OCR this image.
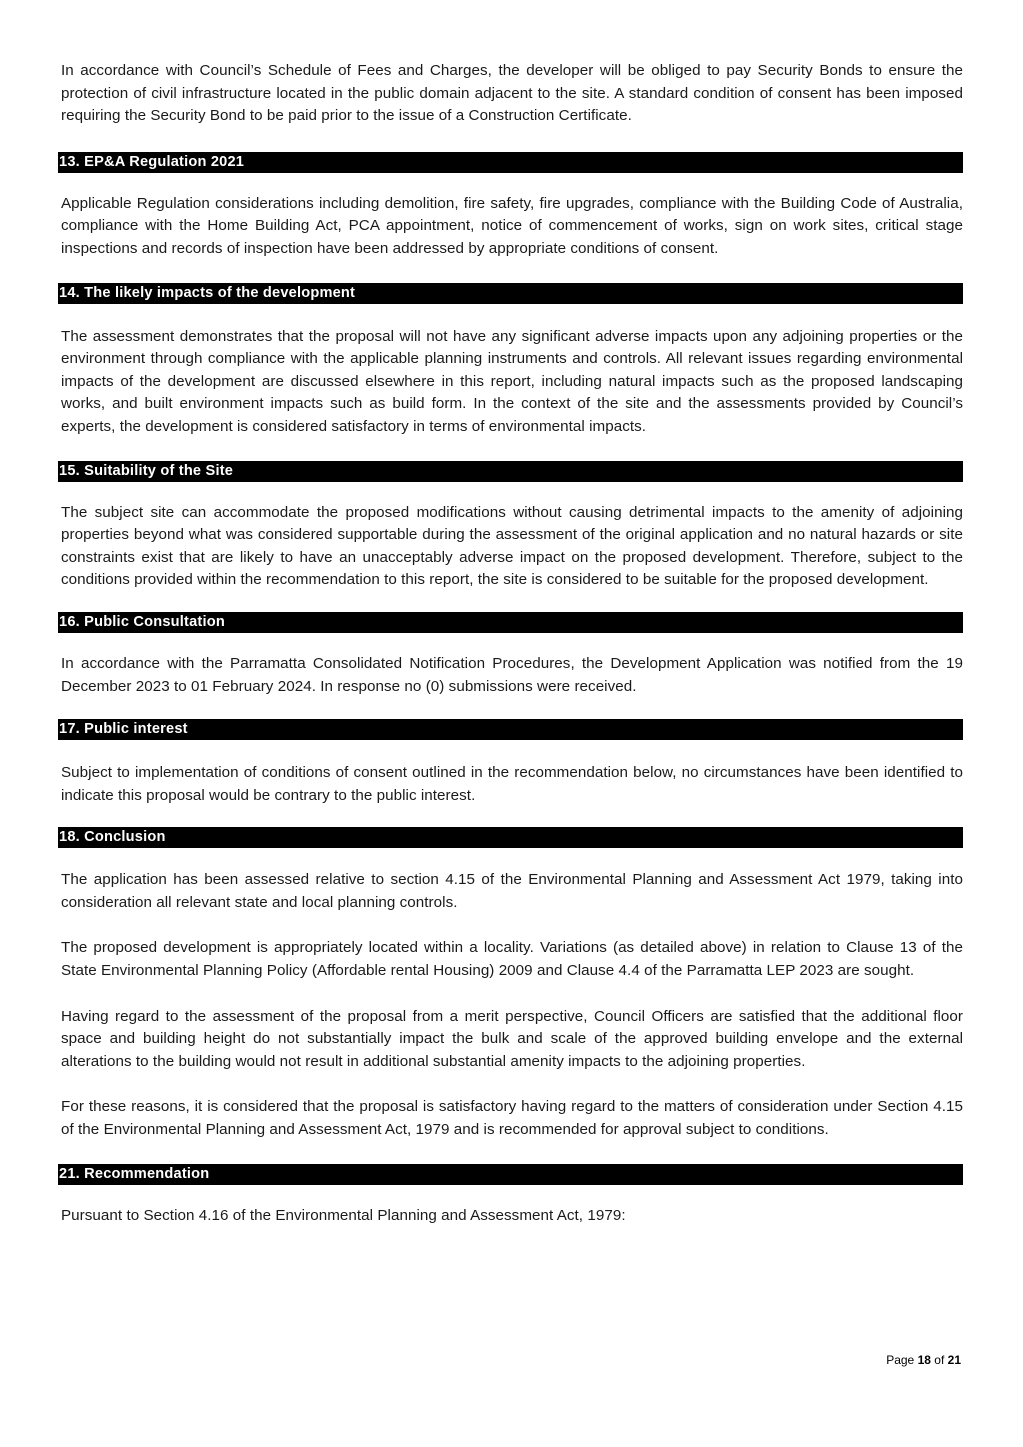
In accordance with Council’s Schedule of Fees and Charges, the developer will be obliged to pay Security Bonds to ensure the protection of civil infrastructure located in the public domain adjacent to the site. A standard condition of consent has been imposed requiring the Security Bond to be paid prior to the issue of a Construction Certificate.

13. EP&A Regulation 2021

Applicable Regulation considerations including demolition, fire safety, fire upgrades, compliance with the Building Code of Australia, compliance with the Home Building Act, PCA appointment, notice of commencement of works, sign on work sites, critical stage inspections and records of inspection have been addressed by appropriate conditions of consent.

14. The likely impacts of the development

The assessment demonstrates that the proposal will not have any significant adverse impacts upon any adjoining properties or the environment through compliance with the applicable planning instruments and controls. All relevant issues regarding environmental impacts of the development are discussed elsewhere in this report, including natural impacts such as the proposed landscaping works, and built environment impacts such as build form. In the context of the site and the assessments provided by Council’s experts, the development is considered satisfactory in terms of environmental impacts.

15. Suitability of the Site

The subject site can accommodate the proposed modifications without causing detrimental impacts to the amenity of adjoining properties beyond what was considered supportable during the assessment of the original application and no natural hazards or site constraints exist that are likely to have an unacceptably adverse impact on the proposed development. Therefore, subject to the conditions provided within the recommendation to this report, the site is considered to be suitable for the proposed development.

16. Public Consultation

In accordance with the Parramatta Consolidated Notification Procedures, the Development Application was notified from the 19 December 2023 to 01 February 2024. In response no (0) submissions were received.

17. Public interest

Subject to implementation of conditions of consent outlined in the recommendation below, no circumstances have been identified to indicate this proposal would be contrary to the public interest.

18. Conclusion

The application has been assessed relative to section 4.15 of the Environmental Planning and Assessment Act 1979, taking into consideration all relevant state and local planning controls.

The proposed development is appropriately located within a locality. Variations (as detailed above) in relation to Clause 13 of the State Environmental Planning Policy (Affordable rental Housing) 2009 and Clause 4.4 of the Parramatta LEP 2023 are sought.

Having regard to the assessment of the proposal from a merit perspective, Council Officers are satisfied that the additional floor space and building height do not substantially impact the bulk and scale of the approved building envelope and the external alterations to the building would not result in additional substantial amenity impacts to the adjoining properties.

For these reasons, it is considered that the proposal is satisfactory having regard to the matters of consideration under Section 4.15 of the Environmental Planning and Assessment Act, 1979 and is recommended for approval subject to conditions.

21. Recommendation

Pursuant to Section 4.16 of the Environmental Planning and Assessment Act, 1979:

Page 18 of 21
